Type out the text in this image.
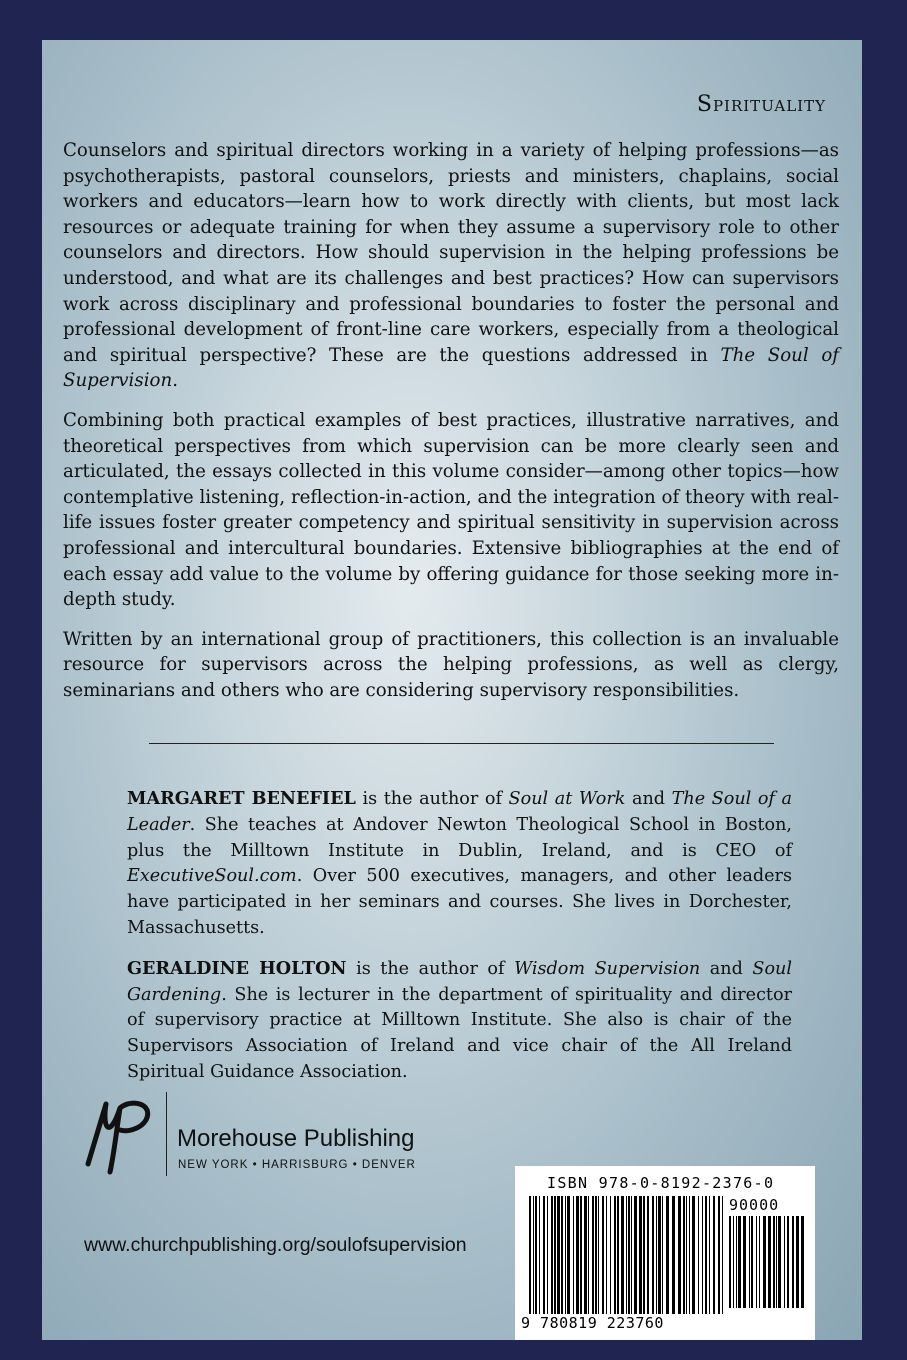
Spirituality

Counselors and spiritual directors working in a variety of helping professions—as psychotherapists, pastoral counselors, priests and ministers, chaplains, social workers and educators—learn how to work directly with clients, but most lack resources or adequate training for when they assume a supervisory role to other counselors and directors. How should supervision in the helping professions be understood, and what are its challenges and best practices? How can supervisors work across disciplinary and professional boundaries to foster the personal and professional development of front-line care workers, especially from a theological and spiritual perspective? These are the questions addressed in The Soul of Supervision.

Combining both practical examples of best practices, illustrative narratives, and theoretical perspectives from which supervision can be more clearly seen and articulated, the essays collected in this volume consider—among other topics—how contemplative listening, reflection-in-action, and the integration of theory with real-life issues foster greater competency and spiritual sensitivity in supervision across professional and intercultural boundaries. Extensive bibliographies at the end of each essay add value to the volume by offering guidance for those seeking more in-depth study.

Written by an international group of practitioners, this collection is an invaluable resource for supervisors across the helping professions, as well as clergy, seminarians and others who are considering supervisory responsibilities.

MARGARET BENEFIEL is the author of Soul at Work and The Soul of a Leader. She teaches at Andover Newton Theological School in Boston, plus the Milltown Institute in Dublin, Ireland, and is CEO of ExecutiveSoul.com. Over 500 executives, managers, and other leaders have participated in her seminars and courses. She lives in Dorchester, Massachusetts.

GERALDINE HOLTON is the author of Wisdom Supervision and Soul Gardening. She is lecturer in the department of spirituality and director of supervisory practice at Milltown Institute. She also is chair of the Supervisors Association of Ireland and vice chair of the All Ireland Spiritual Guidance Association.

Morehouse Publishing
NEW YORK • HARRISBURG • DENVER
www.churchpublishing.org/soulofsupervision
ISBN 978-0-8192-2376-0
90000
9 780819 223760
